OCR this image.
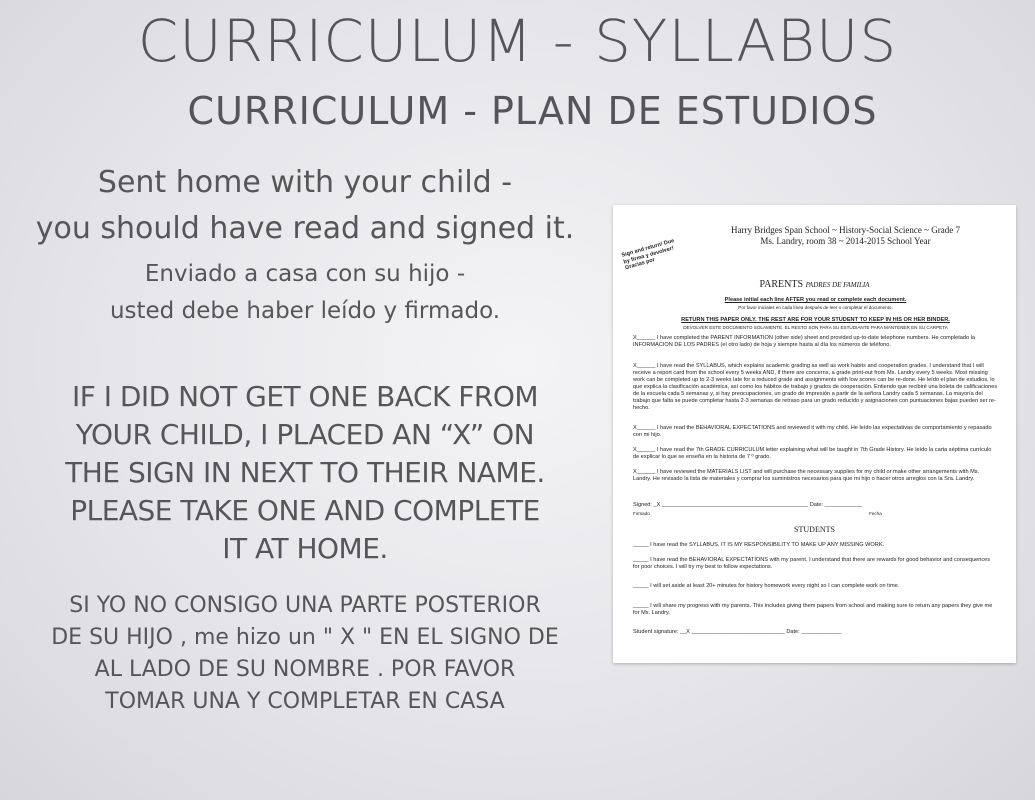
CURRICULUM - SYLLABUS
CURRICULUM - PLAN DE ESTUDIOS
Sent home with your child -
you should have read and signed it.
Enviado a casa con su hijo -
usted debe haber leído y firmado.
IF I DID NOT GET ONE BACK FROM
YOUR CHILD, I PLACED AN “X” ON
THE SIGN IN NEXT TO THEIR NAME.
PLEASE TAKE ONE AND COMPLETE
IT AT HOME.
SI YO NO CONSIGO UNA PARTE POSTERIOR
DE SU HIJO , me hizo un " X " EN EL SIGNO DE
AL LADO DE SU NOMBRE . POR FAVOR
TOMAR UNA Y COMPLETAR EN CASA
Harry Bridges Span School ~ History-Social Science ~ Grade 7
Ms. Landry, room 38 ~ 2014-2015 School Year
Sign and return! Due by firma y devolver! Gracias por
PARENTS PADRES DE FAMILIA
Please initial each line AFTER you read or complete each document.
Por favor iniciales en cada línea después de leer o completar el documento.
RETURN THIS PAPER ONLY. THE REST ARE FOR YOUR STUDENT TO KEEP IN HIS OR HER BINDER.
DEVOLVER ESTE DOCUMENTO SOLAMENTE. EL RESTO SON PARA SU ESTUDIANTE PARA MANTENER EN SU CARPETA
X______ I have completed the PARENT INFORMATION (other side) sheet and provided up-to-date telephone numbers. He completado la INFORMACION DE LOS PADRES (el otro lado) de hoja y siempre hasta al día los números de teléfono.
X______ I have read the SYLLABUS, which explains academic grading as well as work habits and cooperation grades. I understand that I will receive a report card from the school every 5 weeks AND, if there are concerns, a grade print-out from Ms. Landry every 5 weeks. Most missing work can be completed up to 2-3 weeks late for a reduced grade and assignments with low scores can be re-done. He leído el plan de estudios, lo que explica la clasificación académica, así como los hábitos de trabajo y grados de cooperación. Entiendo que recibiré una boleta de calificaciones de la escuela cada 5 semanas y, si hay preocupaciones, un grado de impresión a partir de la señora Landry cada 5 semanas. La mayoría del trabajo que falta se puede completar hasta 2-3 semanas de retraso para un grado reducido y asignaciones con puntuaciones bajas pueden ser re-hecho.
X______ I have read the BEHAVIORAL EXPECTATIONS and reviewed it with my child. He leído las expectativas de comportamiento y repasado con mi hijo.
X______ I have read the 7th GRADE CURRICULUM letter explaining what will be taught in 7th Grade History. He leído la carta séptima currículo de explicar lo que se enseña en la historia de 7 º grado.
X______ I have reviewed the MATERIALS LIST and will purchase the necessary supplies for my child or make other arrangements with Ms. Landry. He revisado la lista de materiales y comprar los suministros necesarios para que mi hijo o hacer otros arreglos con la Sra. Landry.
Signed: _X _______________________________________________ Date: ____________
Firmado	Fecha
STUDENTS
_____ I have read the SYLLABUS. IT IS MY RESPONSIBILITY TO MAKE UP ANY MISSING WORK.
_____ I have read the BEHAVIORAL EXPECTATIONS with my parent. I understand that there are rewards for good behavior and consequences for poor choices. I will try my best to follow expectations.
_____ I will set aside at least 20+ minutes for history homework every night so I can complete work on time.
_____ I will share my progress with my parents. This includes giving them papers from school and making sure to return any papers they give me for Ms. Landry.
Student signature: __X ______________________________ Date: _____________
